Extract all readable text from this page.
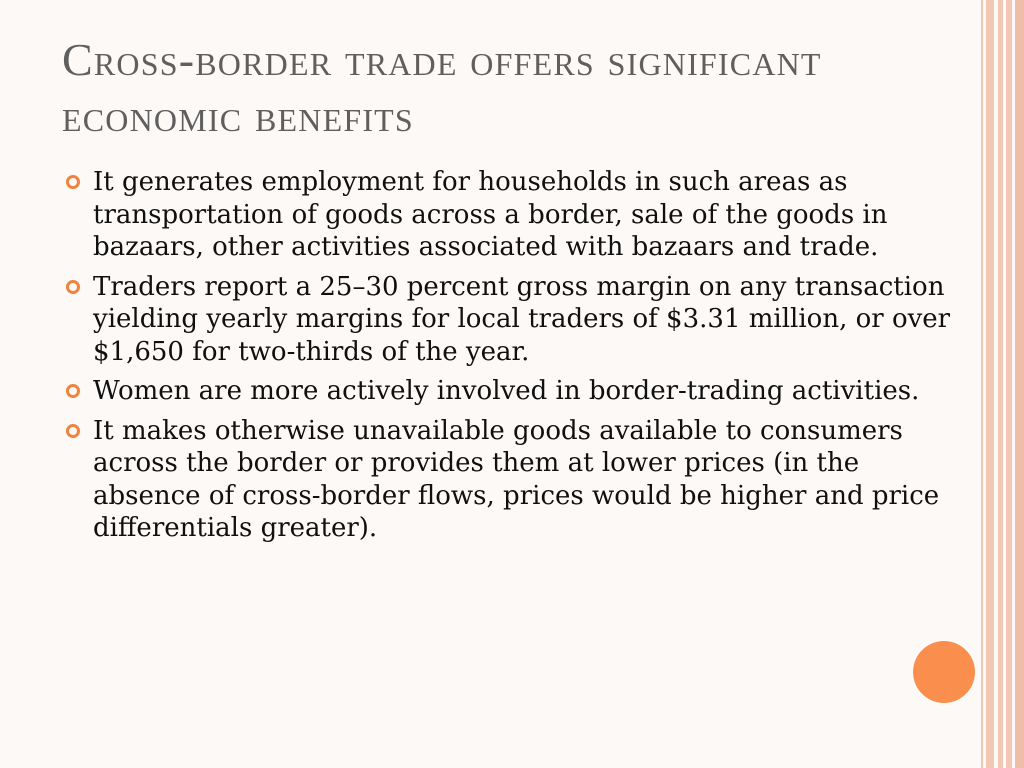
Cross-border trade offers significant economic benefits
It generates employment for households in such areas as transportation of goods across a border, sale of the goods in bazaars, other activities associated with bazaars and trade.
Traders report a 25–30 percent gross margin on any transaction yielding yearly margins for local traders of $3.31 million, or over $1,650 for two-thirds of the year.
Women are more actively involved in border-trading activities.
It makes otherwise unavailable goods available to consumers across the border or provides them at lower prices (in the absence of cross-border flows, prices would be higher and price differentials greater).
